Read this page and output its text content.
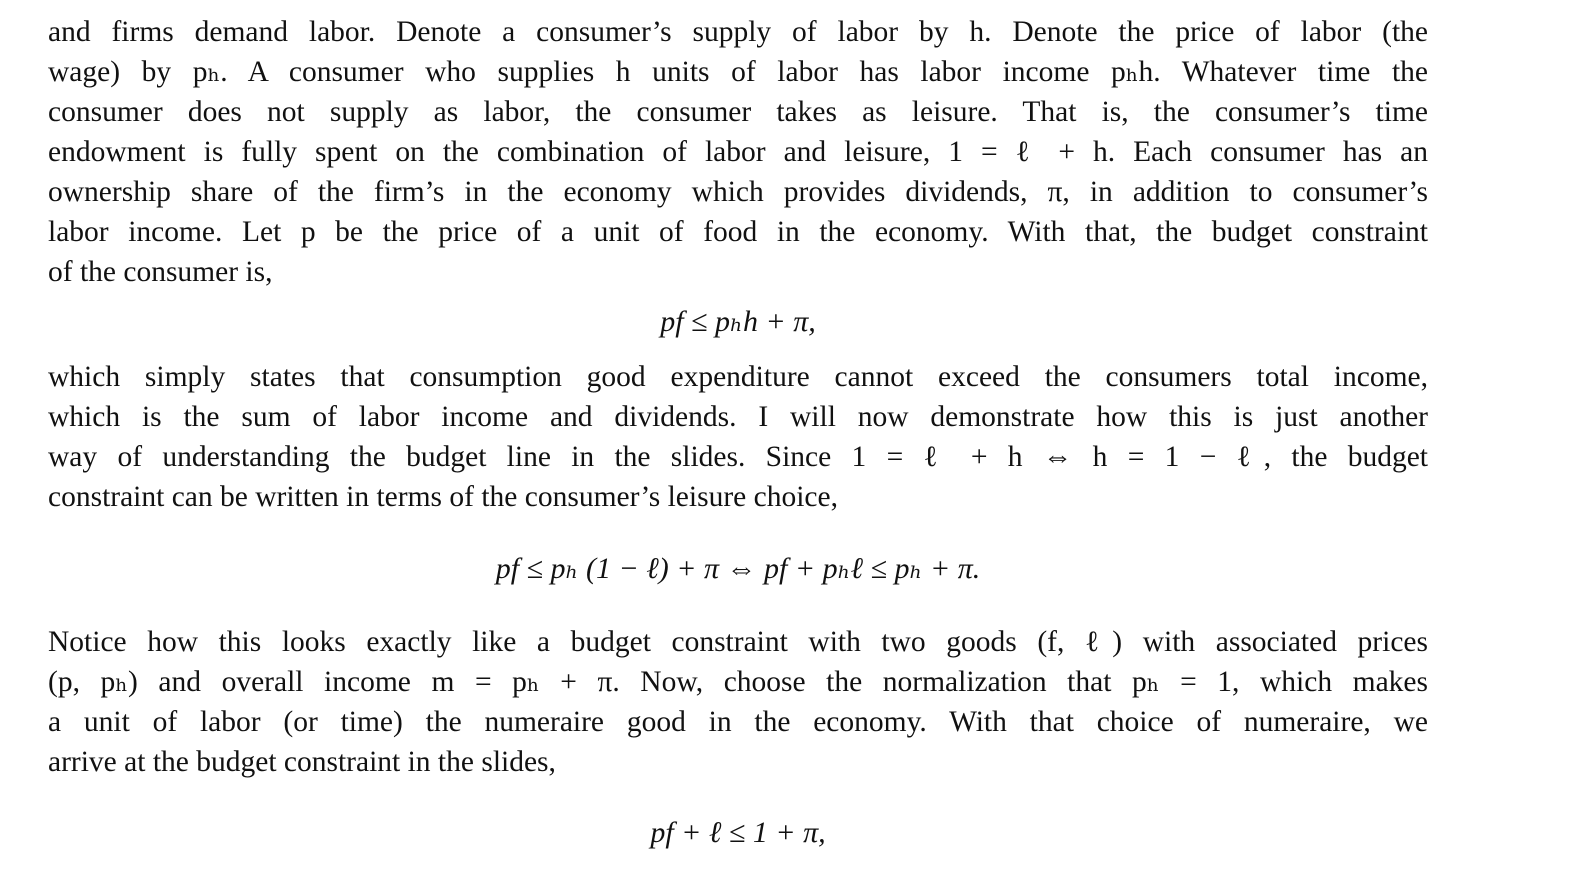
and firms demand labor. Denote a consumer’s supply of labor by h. Denote the price of labor (the
wage) by pₕ. A consumer who supplies h units of labor has labor income pₕh. Whatever time the
consumer does not supply as labor, the consumer takes as leisure. That is, the consumer’s time
endowment is fully spent on the combination of labor and leisure, 1 = ℓ + h. Each consumer has an
ownership share of the firm’s in the economy which provides dividends, π, in addition to consumer’s
labor income. Let p be the price of a unit of food in the economy. With that, the budget constraint
of the consumer is,

pf ≤ pₕh + π,

which simply states that consumption good expenditure cannot exceed the consumers total income,
which is the sum of labor income and dividends. I will now demonstrate how this is just another
way of understanding the budget line in the slides. Since 1 = ℓ + h ⇔ h = 1 − ℓ, the budget
constraint can be written in terms of the consumer’s leisure choice,

pf ≤ pₕ (1 − ℓ) + π ⇔ pf + pₕℓ ≤ pₕ + π.

Notice how this looks exactly like a budget constraint with two goods (f, ℓ) with associated prices
(p, pₕ) and overall income m = pₕ + π. Now, choose the normalization that pₕ = 1, which makes
a unit of labor (or time) the numeraire good in the economy. With that choice of numeraire, we
arrive at the budget constraint in the slides,

pf + ℓ ≤ 1 + π,
